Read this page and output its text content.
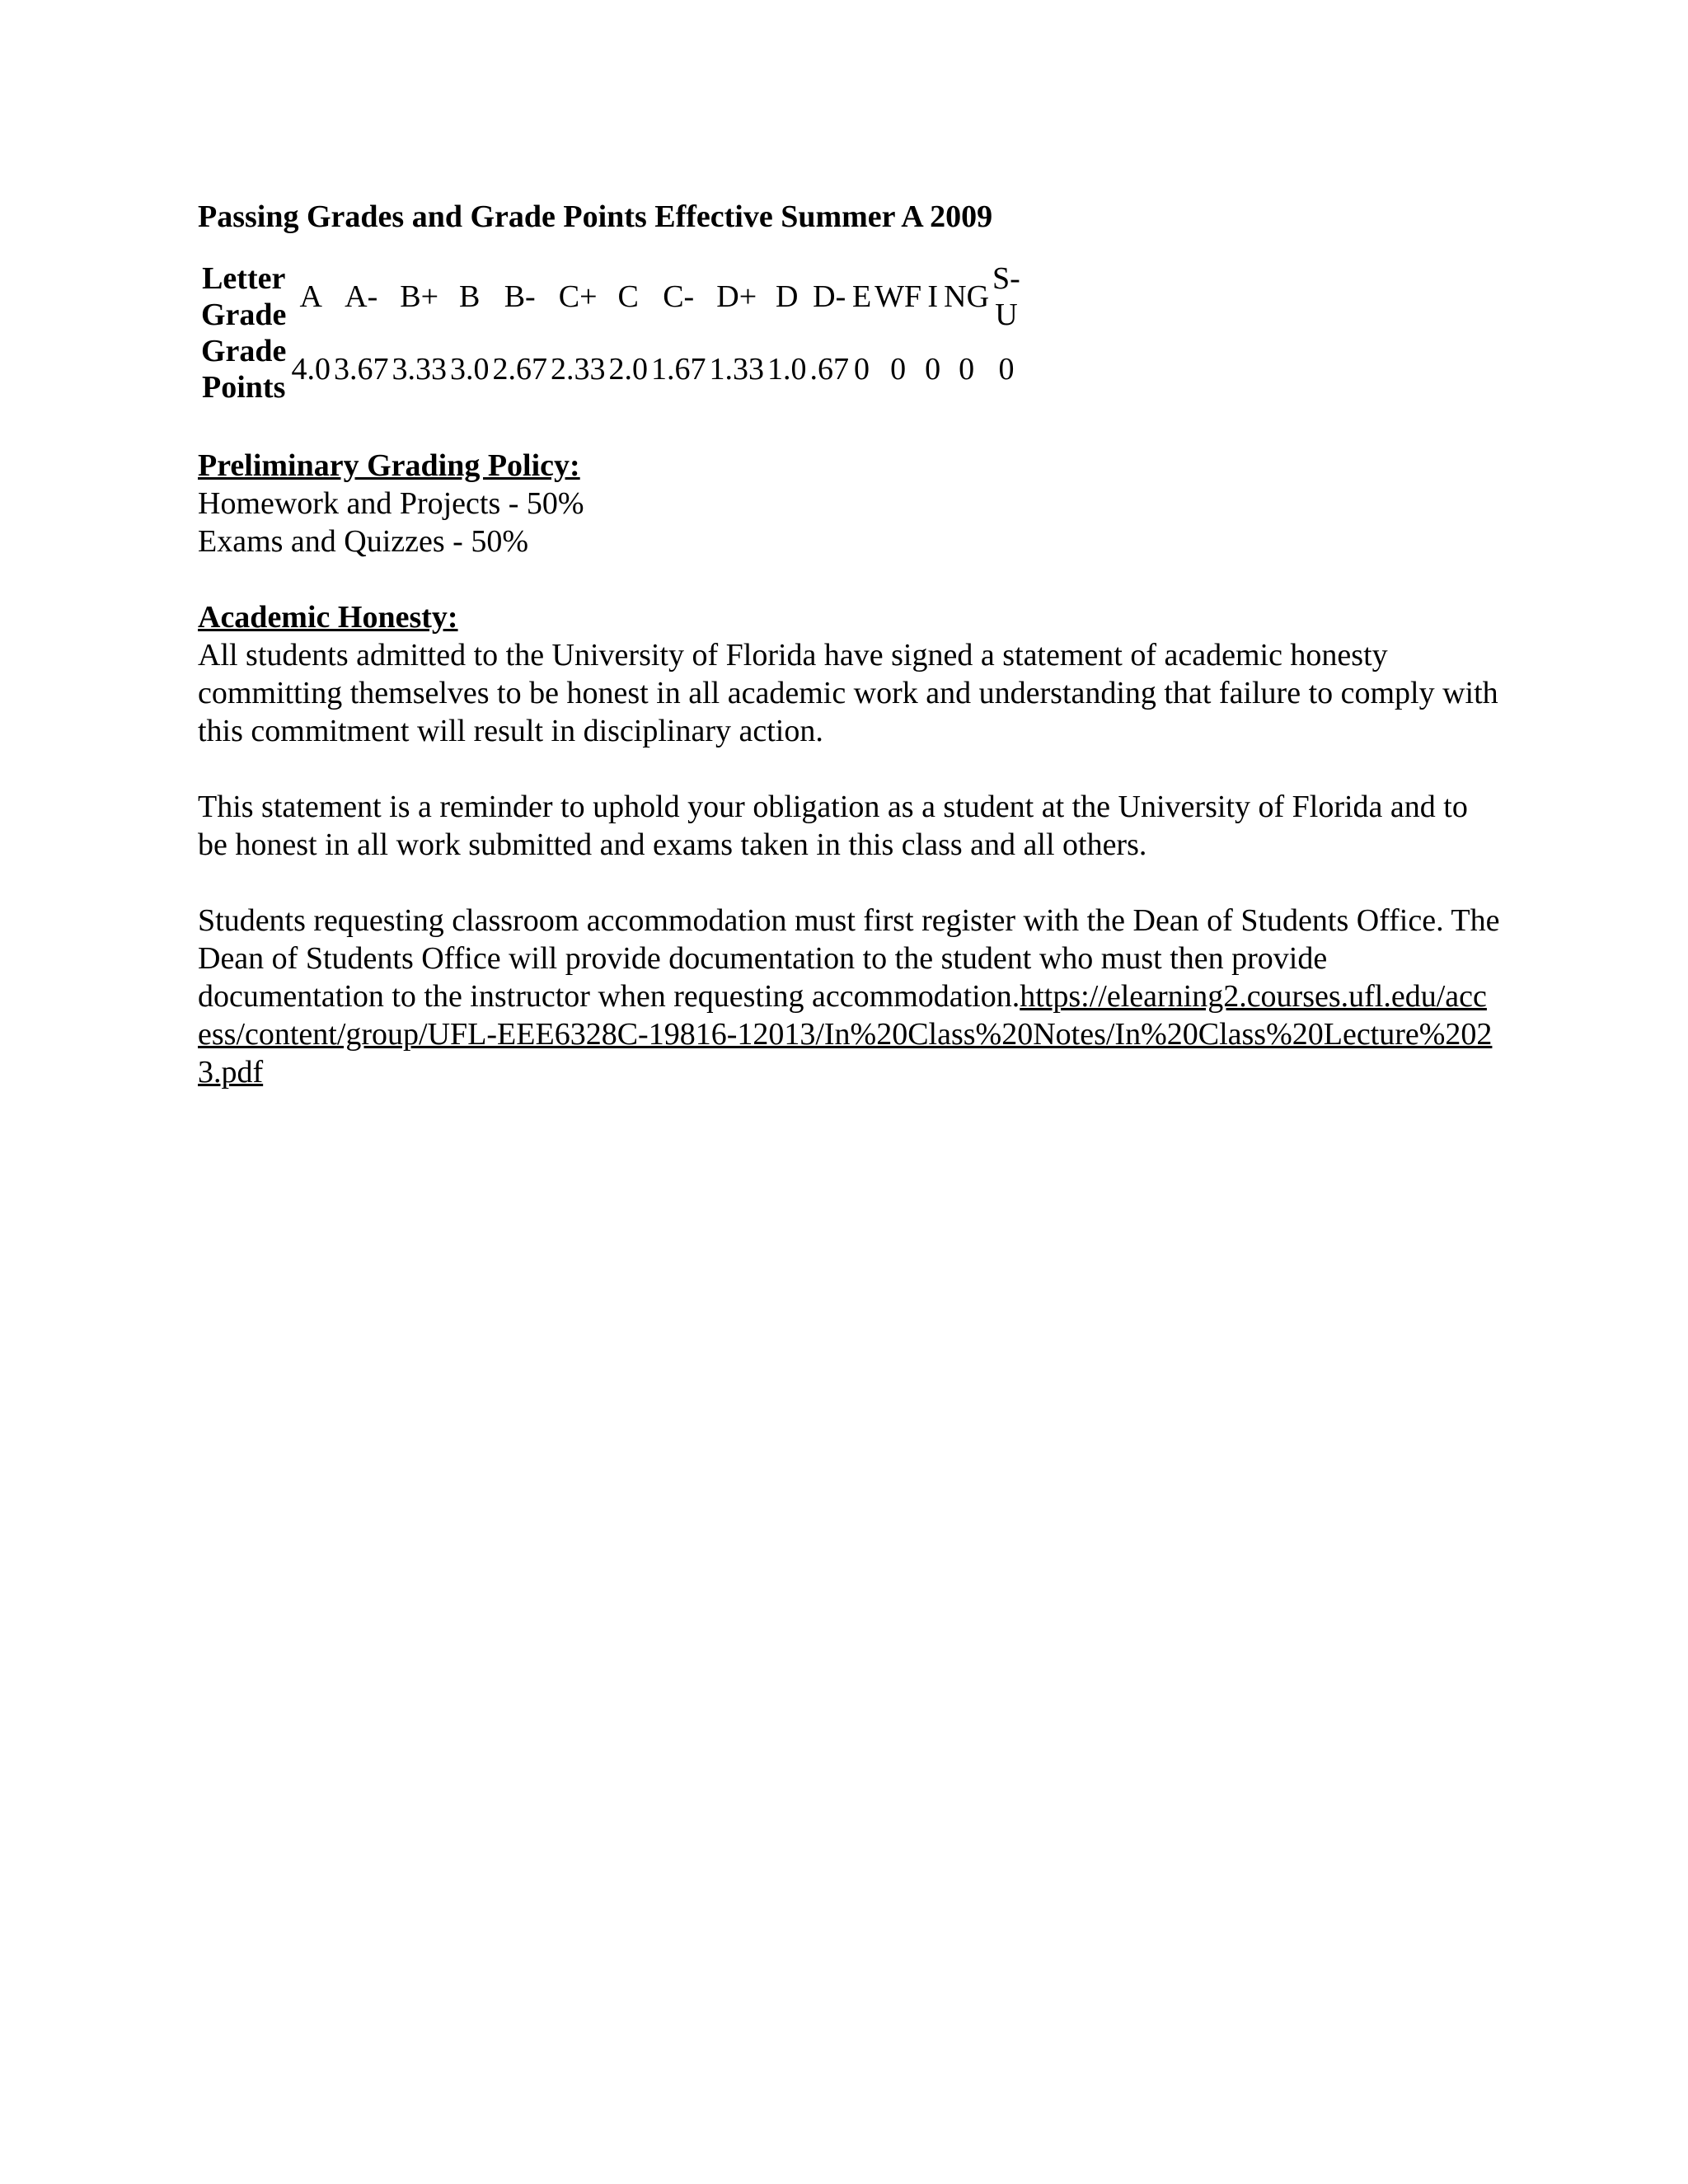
Passing Grades and Grade Points Effective Summer A 2009
Letter
Grade	A	A-	B+	B	B-	C+	C	C-	D+	D	D-	E	WF	I	NG	S-U

Grade
Points	4.0	3.67	3.33	3.0	2.67	2.33	2.0	1.67	1.33	1.0	.67	0	0	0	0	0
Preliminary Grading Policy:
Homework and Projects - 50%
Exams and Quizzes - 50%
Academic Honesty:
All students admitted to the University of Florida have signed a statement of academic honesty committing themselves to be honest in all academic work and understanding that failure to comply with this commitment will result in disciplinary action.
This statement is a reminder to uphold your obligation as a student at the University of Florida and to be honest in all work submitted and exams taken in this class and all others.
Students requesting classroom accommodation must first register with the Dean of Students Office. The Dean of Students Office will provide documentation to the student who must then provide documentation to the instructor when requesting accommodation.https://elearning2.courses.ufl.edu/access/content/group/UFL-EEE6328C-19816-12013/In%20Class%20Notes/In%20Class%20Lecture%2023.pdf
